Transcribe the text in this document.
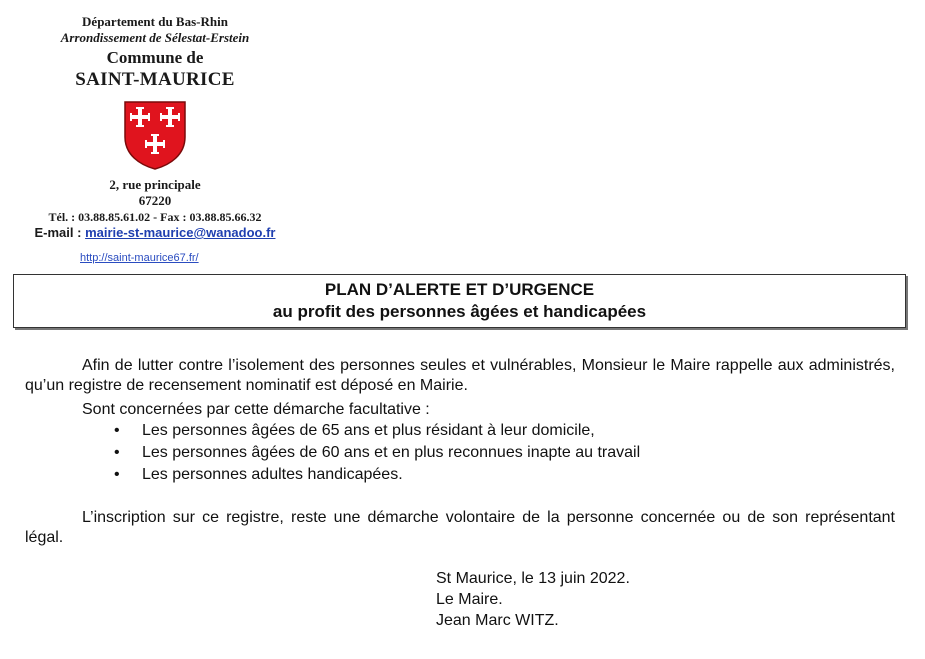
Département du Bas-Rhin
Arrondissement de Sélestat-Erstein
Commune de
SAINT-MAURICE
2, rue principale
67220
Tél. : 03.88.85.61.02 - Fax : 03.88.85.66.32
E-mail : mairie-st-maurice@wanadoo.fr
http://saint-maurice67.fr/
PLAN D’ALERTE ET D’URGENCE
au profit des personnes âgées et handicapées

Afin de lutter contre l’isolement des personnes seules et vulnérables, Monsieur le Maire rappelle aux administrés, qu’un registre de recensement nominatif est déposé en Mairie.

Sont concernées par cette démarche facultative :

• Les personnes âgées de 65 ans et plus résidant à leur domicile,
• Les personnes âgées de 60 ans et en plus reconnues inapte au travail
• Les personnes adultes handicapées.

L’inscription sur ce registre, reste une démarche volontaire de la personne concernée ou de son représentant légal.

St Maurice, le 13 juin 2022.
Le Maire.
Jean Marc WITZ.
